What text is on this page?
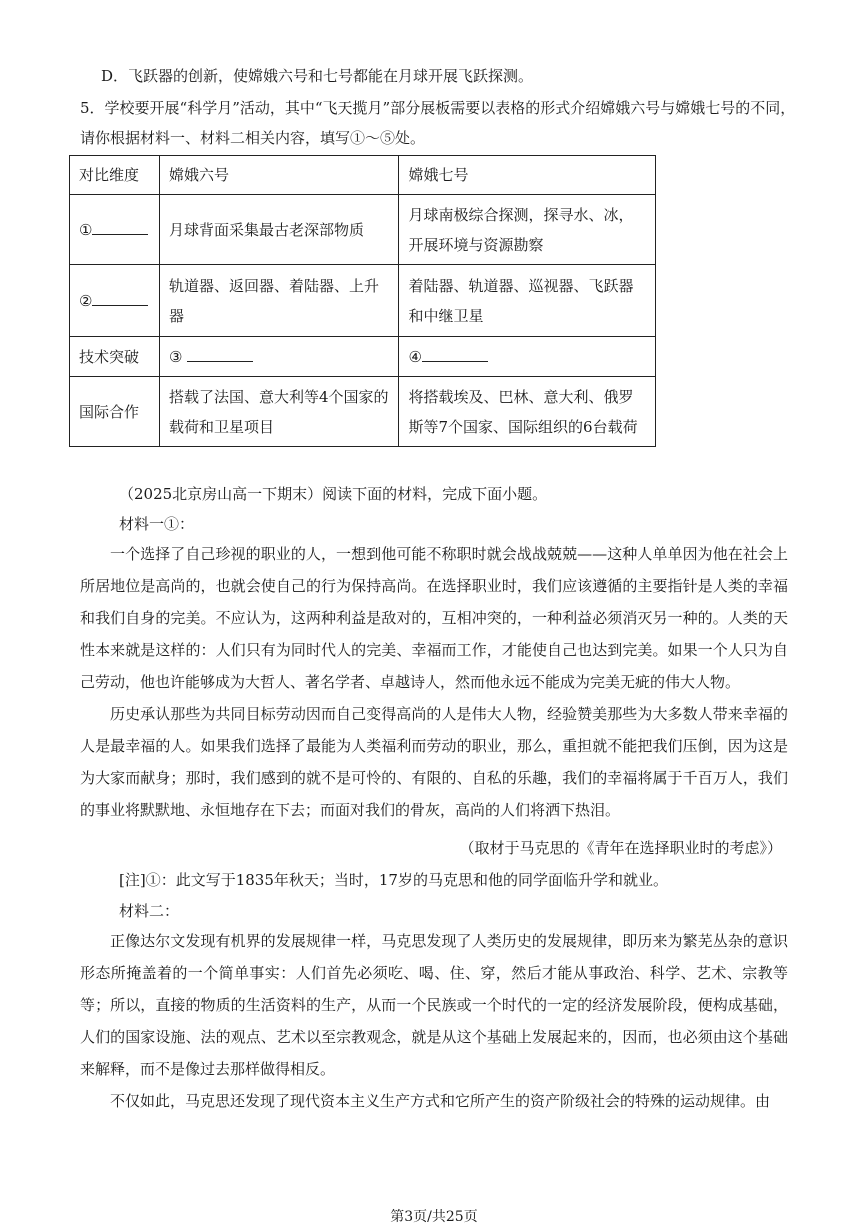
D．飞跃器的创新，使嫦娥六号和七号都能在月球开展飞跃探测。
5．学校要开展“科学月”活动，其中“飞天揽月”部分展板需要以表格的形式介绍嫦娥六号与嫦娥七号的不同，
请你根据材料一、材料二相关内容，填写①～⑤处。
对比维度	嫦娥六号	嫦娥七号
①	月球背面采集最古老深部物质	月球南极综合探测，探寻水、冰，开展环境与资源勘察
②	轨道器、返回器、着陆器、上升器	着陆器、轨道器、巡视器、飞跃器和中继卫星
技术突破	③	④
国际合作	搭载了法国、意大利等4个国家的载荷和卫星项目	将搭载埃及、巴林、意大利、俄罗斯等7个国家、国际组织的6台载荷
（2025北京房山高一下期末）阅读下面的材料，完成下面小题。
材料一①：

一个选择了自己珍视的职业的人，一想到他可能不称职时就会战战兢兢——这种人单单因为他在社会上所居地位是高尚的，也就会使自己的行为保持高尚。在选择职业时，我们应该遵循的主要指针是人类的幸福和我们自身的完美。不应认为，这两种利益是敌对的，互相冲突的，一种利益必须消灭另一种的。人类的天性本来就是这样的：人们只有为同时代人的完美、幸福而工作，才能使自己也达到完美。如果一个人只为自己劳动，他也许能够成为大哲人、著名学者、卓越诗人，然而他永远不能成为完美无疵的伟大人物。

历史承认那些为共同目标劳动因而自己变得高尚的人是伟大人物，经验赞美那些为大多数人带来幸福的人是最幸福的人。如果我们选择了最能为人类福利而劳动的职业，那么，重担就不能把我们压倒，因为这是为大家而献身；那时，我们感到的就不是可怜的、有限的、自私的乐趣，我们的幸福将属于千百万人，我们的事业将默默地、永恒地存在下去；而面对我们的骨灰，高尚的人们将洒下热泪。

（取材于马克思的《青年在选择职业时的考虑》）
[注]①：此文写于1835年秋天；当时，17岁的马克思和他的同学面临升学和就业。
材料二：

正像达尔文发现有机界的发展规律一样，马克思发现了人类历史的发展规律，即历来为繁芜丛杂的意识形态所掩盖着的一个简单事实：人们首先必须吃、喝、住、穿，然后才能从事政治、科学、艺术、宗教等等；所以，直接的物质的生活资料的生产，从而一个民族或一个时代的一定的经济发展阶段，便构成基础，人们的国家设施、法的观点、艺术以至宗教观念，就是从这个基础上发展起来的，因而，也必须由这个基础来解释，而不是像过去那样做得相反。

不仅如此，马克思还发现了现代资本主义生产方式和它所产生的资产阶级社会的特殊的运动规律。由

第3页/共25页
